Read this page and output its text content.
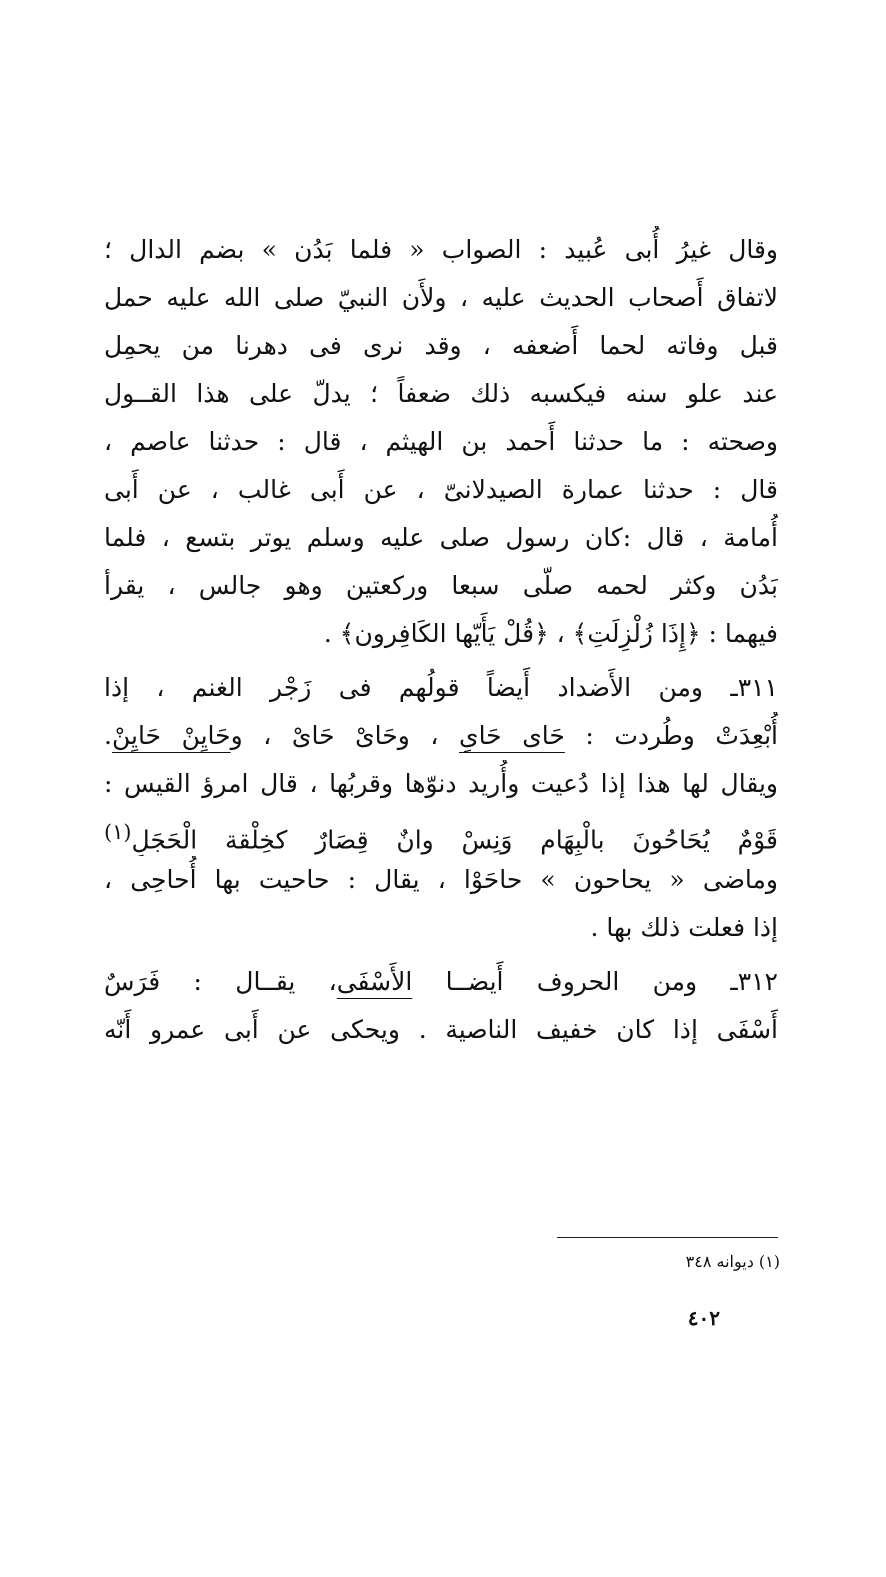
وقال غيرُ أُبى عُبيد : الصواب « فلما بَدُن » بضم الدال ؛
لاتفاق أَصحاب الحديث عليه ، ولأَن النبيّ صلى الله عليه حمل
قبل وفاته لحما أَضعفه ، وقد نرى فى دهرنا من يحمِل
عند علو سنه فيكسبه ذلك ضعفاً ؛ يدلّ على هذا القــول
وصحته : ما حدثنا أَحمد بن الهيثم ، قال : حدثنا عاصم ،
قال : حدثنا عمارة الصيدلانىّ ، عن أَبى غالب ، عن أَبى
أُمامة ، قال :كان رسول صلى عليه وسلم يوتر بتسع ، فلما
بَدُن وكثر لحمه صلّى سبعا وركعتين وهو جالس ، يقرأ
فيهما : ﴿إِذَا زُلْزِلَتِ﴾ ، ﴿قُلْ يَأَيّها الكَافِرون﴾ .
٣١١ـ ومن الأَضداد أَيضاً قولُهم فى زَجْر الغنم ، إذا
أُبْعِدَتْ وطُردت : حَاى حَاىِ ، وحَاىْ حَاىْ ، وحَايِنْ حَايِنْ.
ويقال لها هذا إذا دُعيت وأُريد دنوّها وقربُها ، قال امرؤ القيس :
قَوْمٌ يُحَاحُونَ بالْبِهَام وَنِسْ وانٌ قِصَارٌ كخِلْقة الْحَجَلِ$^{(١)}$
وماضى « يحاحون » حاحَوْا ، يقال : حاحيت بها أُحاحِى ،
إذا فعلت ذلك بها .
٣١٢ـ ومن الحروف أَيضــا الأَسْفَى، يقــال : فَرَسٌ
أَسْفَى إذا كان خفيف الناصية . ويحكى عن أَبى عمرو أَنّه
(١) ديوانه ٣٤٨
٤٠٢
